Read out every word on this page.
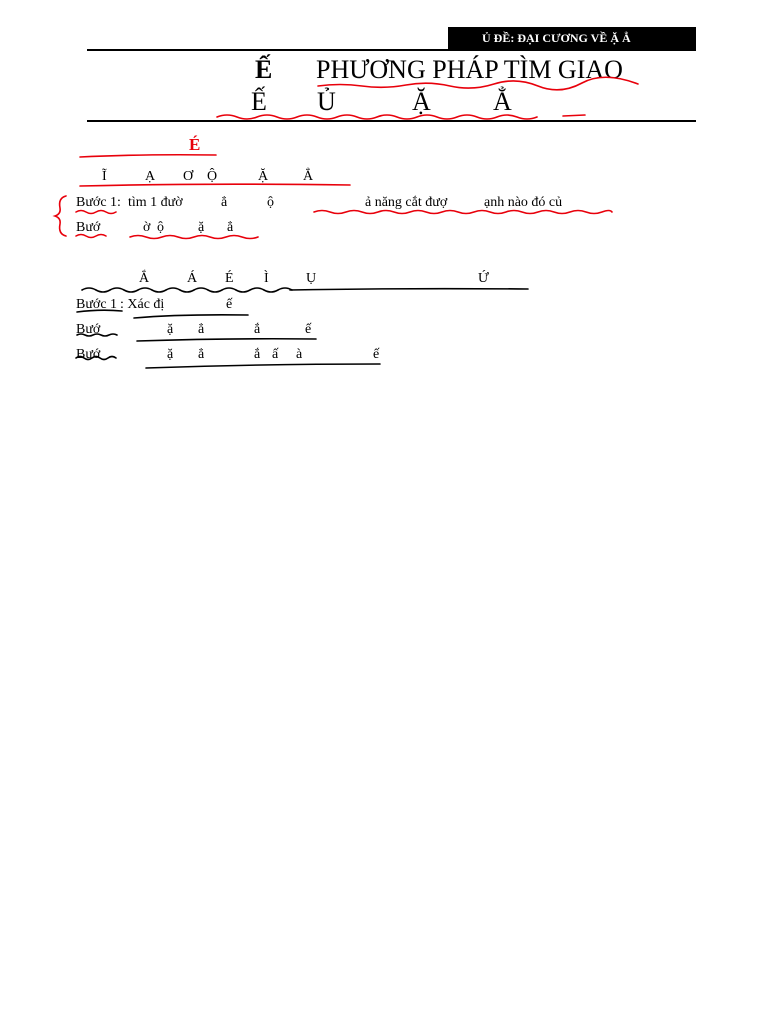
Ủ ĐỀ: ĐẠI CƯƠNG VỀ Ặ Ẳ
Ế PHƯƠNG PHÁP TÌM GIAO
Ế Ủ	Ặ Ẳ
É
Ĩ	Ạ Ơ Ộ	Ặ Ẳ
Bước 1: tìm 1 đườ	ẳ	ộ	ả năng cắt đượ	ạnh nào đó củ
Bướ	ờ ộ ặ ẳ
Ắ	Á É Ì	Ụ	Ứ
Bước 1 : Xác đị	ế
Bướ	ặ ẳ	ắ	ế
Bướ	ặ ẳ	ắ ấ à	ế
